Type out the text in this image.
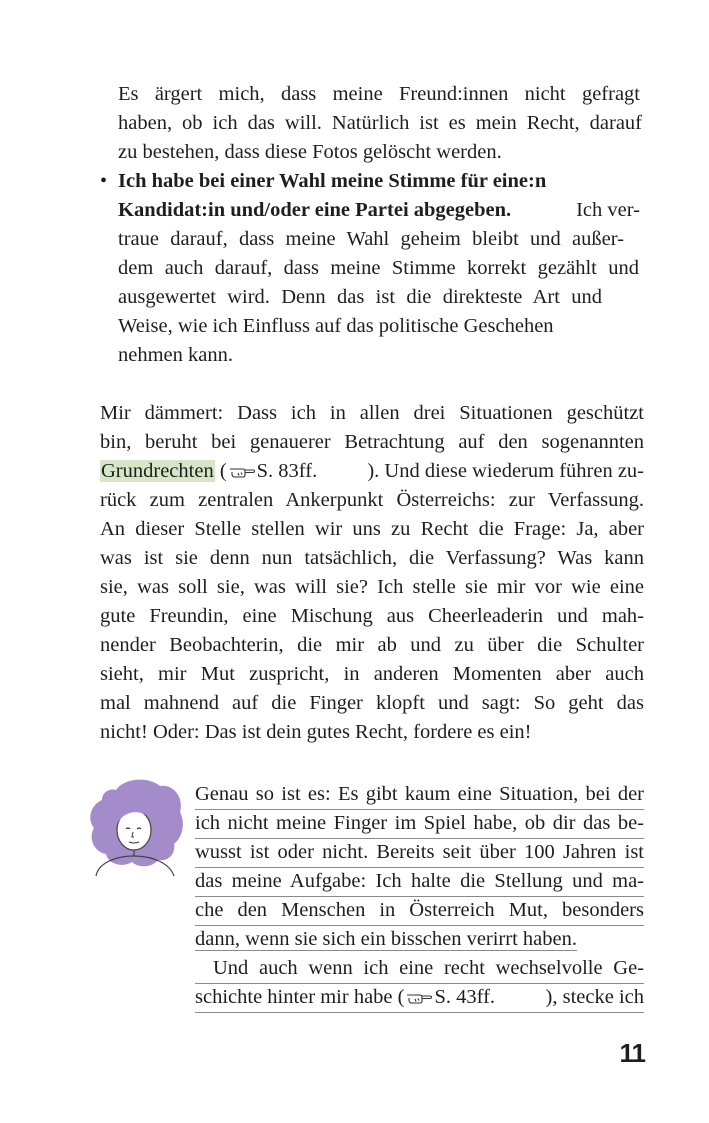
Es ärgert mich, dass meine Freund:innen nicht gefragt
haben, ob ich das will. Natürlich ist es mein Recht, darauf
zu bestehen, dass diese Fotos gelöscht werden.
• Ich habe bei einer Wahl meine Stimme für eine:n
Kandidat:in und/oder eine Partei abgegeben.	Ich ver-
traue darauf, dass meine Wahl geheim bleibt und außer-
dem auch darauf, dass meine Stimme korrekt gezählt und
ausgewertet wird. Denn das ist die direkteste Art und
Weise, wie ich Einfluss auf das politische Geschehen
nehmen kann.
Mir dämmert: Dass ich in allen drei Situationen geschützt
bin, beruht bei genauerer Betrachtung auf den sogenannten
Grundrechten ( S. 83ff. ). Und diese wiederum führen zu-
rück zum zentralen Ankerpunkt Österreichs: zur Verfassung.
An dieser Stelle stellen wir uns zu Recht die Frage: Ja, aber
was ist sie denn nun tatsächlich, die Verfassung? Was kann
sie, was soll sie, was will sie? Ich stelle sie mir vor wie eine
gute Freundin, eine Mischung aus Cheerleaderin und mah-
nender Beobachterin, die mir ab und zu über die Schulter
sieht, mir Mut zuspricht, in anderen Momenten aber auch
mal mahnend auf die Finger klopft und sagt: So geht das
nicht! Oder: Das ist dein gutes Recht, fordere es ein!
Genau so ist es: Es gibt kaum eine Situation, bei der
ich nicht meine Finger im Spiel habe, ob dir das be-
wusst ist oder nicht. Bereits seit über 100 Jahren ist
das meine Aufgabe: Ich halte die Stellung und ma-
che den Menschen in Österreich Mut, besonders
dann, wenn sie sich ein bisschen verirrt haben.
Und auch wenn ich eine recht wechselvolle Ge-
schichte hinter mir habe ( S. 43ff. ), stecke ich
11
